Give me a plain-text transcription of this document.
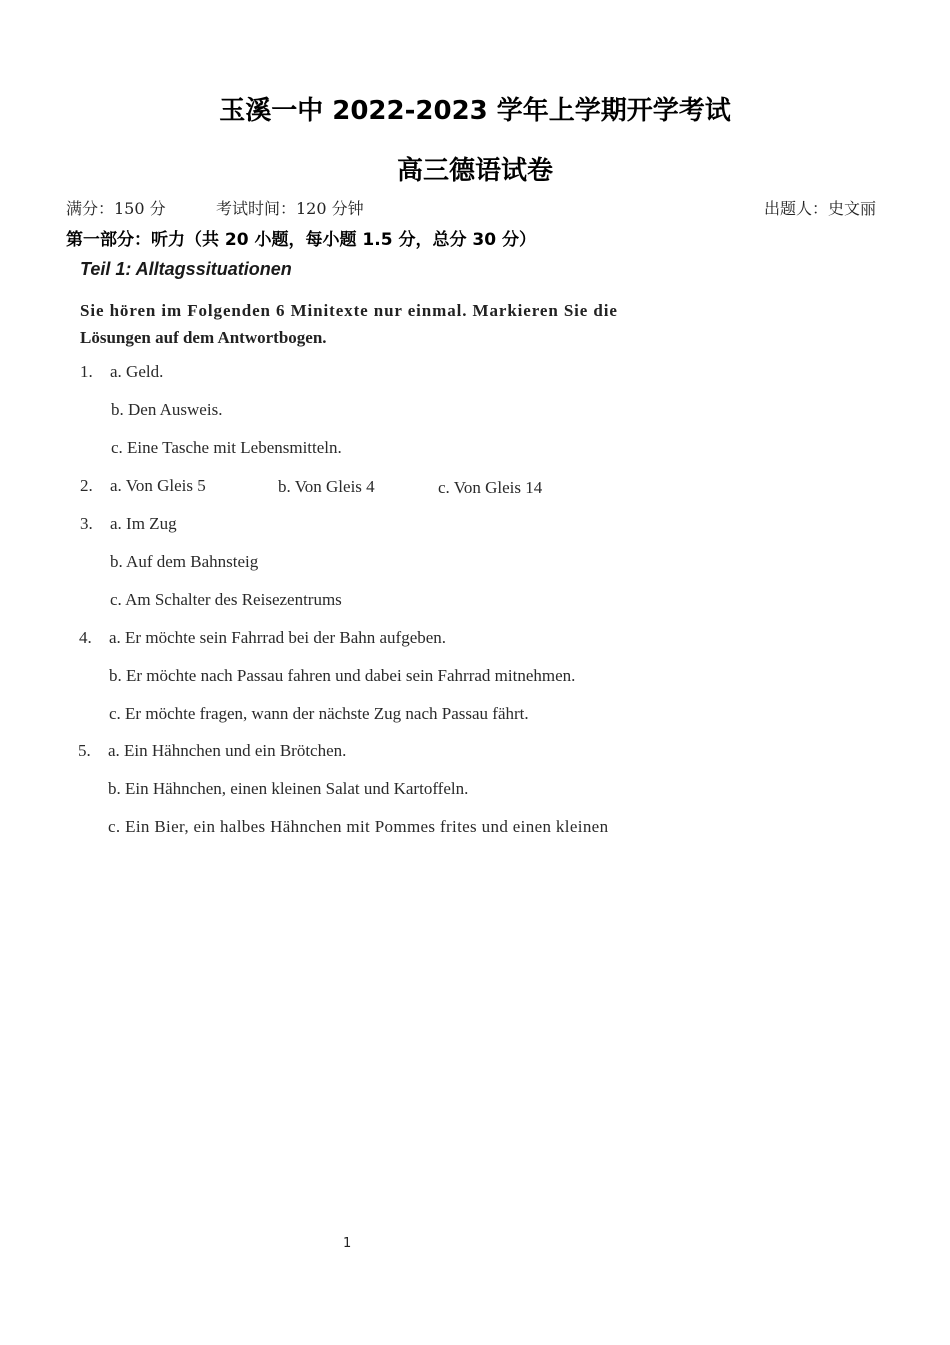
玉溪一中 2022-2023 学年上学期开学考试
高三德语试卷
满分：150 分	考试时间：120 分钟	出题人：史文丽
第一部分：听力（共 20 小题，每小题 1.5 分，总分 30 分）
Teil 1: Alltagssituationen
Sie hören im Folgenden 6 Minitexte nur einmal. Markieren Sie die
Lösungen auf dem Antwortbogen.
1. a. Geld.
b. Den Ausweis.
c. Eine Tasche mit Lebensmitteln.
2. a. Von Gleis 5	b. Von Gleis 4	c. Von Gleis 14
3. a. Im Zug
b. Auf dem Bahnsteig
c. Am Schalter des Reisezentrums
4. a. Er möchte sein Fahrrad bei der Bahn aufgeben.
b. Er möchte nach Passau fahren und dabei sein Fahrrad mitnehmen.
c. Er möchte fragen, wann der nächste Zug nach Passau fährt.
5. a. Ein Hähnchen und ein Brötchen.
b. Ein Hähnchen, einen kleinen Salat und Kartoffeln.
c. Ein Bier, ein halbes Hähnchen mit Pommes frites und einen kleinen
1
